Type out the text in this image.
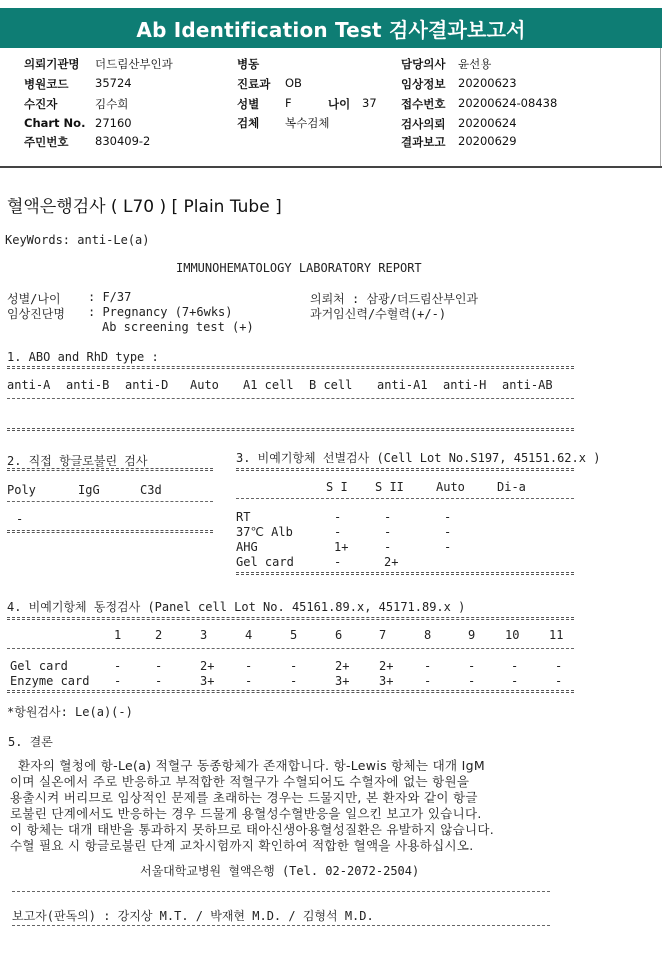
Ab Identification Test 검사결과보고서
의뢰기관명 더드림산부인과
병원코드 35724
수진자	김수희
Chart No. 27160
주민번호 830409-2
병동
진료과 OB
성별 F	나이 37
검체 복수검체
담당의사 윤선용
임상정보 20200623
접수번호 20200624-08438
검사의뢰 20200624
결과보고 20200629
혈액은행검사 ( L70 ) [ Plain Tube ]
KeyWords: anti-Le(a)
IMMUNOHEMATOLOGY LABORATORY REPORT
성별/나이 : F/37
임상진단명 : Pregnancy (7+6wks)
Ab screening test (+)
의뢰처 : 삼광/더드림산부인과
과거임신력/수혈력(+/-)
1. ABO and RhD type :
anti-A anti-B anti-D Auto A1 cell B cell anti-A1 anti-H anti-AB
2. 직접 항글로불린 검사
Poly	IgG	C3d
-
3. 비예기항체 선별검사 (Cell Lot No.S197, 45151.62.x )
S I S II	Auto	Di-a
RT	-	-	-
37℃ Alb	-	-	-
AHG	1+	-	-
Gel card	-	2+
4. 비예기항체 동정검사 (Panel cell Lot No. 45161.89.x, 45171.89.x )
1	2	3	4	5	6	7	8	9 10 11
Gel card	-	-	2+	-	-	2+ 2+	-	-	-	-
Enzyme card -	-	3+	-	-	3+ 3+	-	-	-	-
*항원검사: Le(a)(-)
5. 결론
환자의 혈청에 항-Le(a) 적혈구 동종항체가 존재합니다. 항-Lewis 항체는 대개 IgM
이며 실온에서 주로 반응하고 부적합한 적혈구가 수혈되어도 수혈자에 없는 항원을
용출시켜 버리므로 임상적인 문제를 초래하는 경우는 드물지만, 본 환자와 같이 항글
로불린 단계에서도 반응하는 경우 드물게 용혈성수혈반응을 일으킨 보고가 있습니다.
이 항체는 대개 태반을 통과하지 못하므로 태아신생아용혈성질환은 유발하지 않습니다.
수혈 필요 시 항글로불린 단계 교차시험까지 확인하여 적합한 혈액을 사용하십시오.
서울대학교병원 혈액은행 (Tel. 02-2072-2504)
보고자(판독의) : 강지상 M.T. / 박재현 M.D. / 김형석 M.D.
